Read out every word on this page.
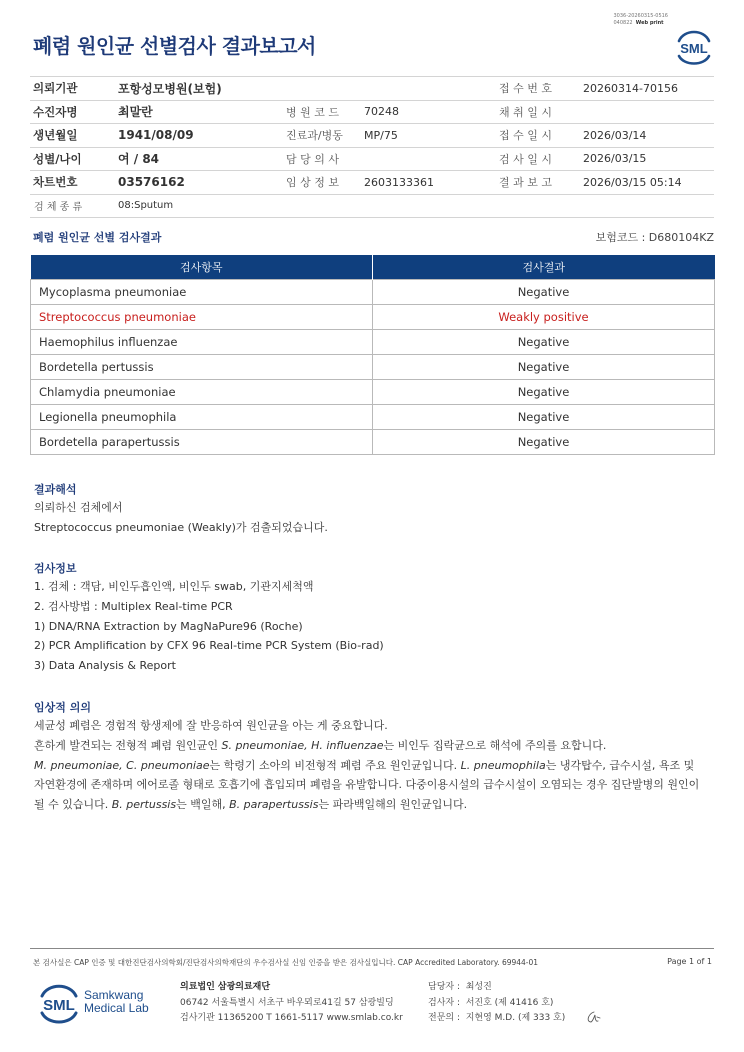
3036-20260315-0516
040822 Web print
폐렴 원인균 선별검사 결과보고서	SML
의뢰기관	포항성모병원(보험)			접 수 번 호	20260314-70156
수진자명	최말란	병 원 코 드	70248	채 취 일 시	
생년월일	1941/08/09	진료과/병동	MP/75	접 수 일 시	2026/03/14
성별/나이	여 / 84	담 당 의 사		검 사 일 시	2026/03/15
차트번호	03576162	임 상 정 보	2603133361	결 과 보 고	2026/03/15 05:14
검 체 종 류	08:Sputum				
폐렴 원인균 선별 검사결과	보험코드 : D680104KZ
검사항목	검사결과
Mycoplasma pneumoniae	Negative
Streptococcus pneumoniae	Weakly positive
Haemophilus influenzae	Negative
Bordetella pertussis	Negative
Chlamydia pneumoniae	Negative
Legionella pneumophila	Negative
Bordetella parapertussis	Negative
결과해석

의뢰하신 검체에서

Streptococcus pneumoniae (Weakly)가 검출되었습니다.

검사정보

1. 검체 : 객담, 비인두흡인액, 비인두 swab, 기관지세척액

2. 검사방법 : Multiplex Real-time PCR

1) DNA/RNA Extraction by MagNaPure96 (Roche)

2) PCR Amplification by CFX 96 Real-time PCR System (Bio-rad)

3) Data Analysis & Report

임상적 의의

세균성 폐렴은 경험적 항생제에 잘 반응하여 원인균을 아는 게 중요합니다.

흔하게 발견되는 전형적 폐렴 원인균인 S. pneumoniae, H. influenzae는 비인두 집락균으로 해석에 주의를 요합니다.

M. pneumoniae, C. pneumoniae는 학령기 소아의 비전형적 폐렴 주요 원인균입니다. L. pneumophila는 냉각탑수, 급수시설, 욕조 및

자연환경에 존재하며 에어로졸 형태로 호흡기에 흡입되며 폐렴을 유발합니다. 다중이용시설의 급수시설이 오염되는 경우 집단발병의 원인이

될 수 있습니다. B. pertussis는 백일해, B. parapertussis는 파라백일해의 원인균입니다.

본 검사실은 CAP 인증 및 대한진단검사의학회/진단검사의학재단의 우수검사실 신임 인증을 받은 검사실입니다. CAP Accredited Laboratory. 69944-01	Page 1 of 1
SML
Samkwang
Medical Lab
의료법인 삼광의료재단
06742 서울특별시 서초구 바우뫼로41길 57 삼광빌딩
검사기관 11365200 T 1661-5117 www.smlab.co.kr
담당자 : 최성진
검사자 : 서진호 (제 41416 호)
전문의 : 지현영 M.D. (제 333 호)
